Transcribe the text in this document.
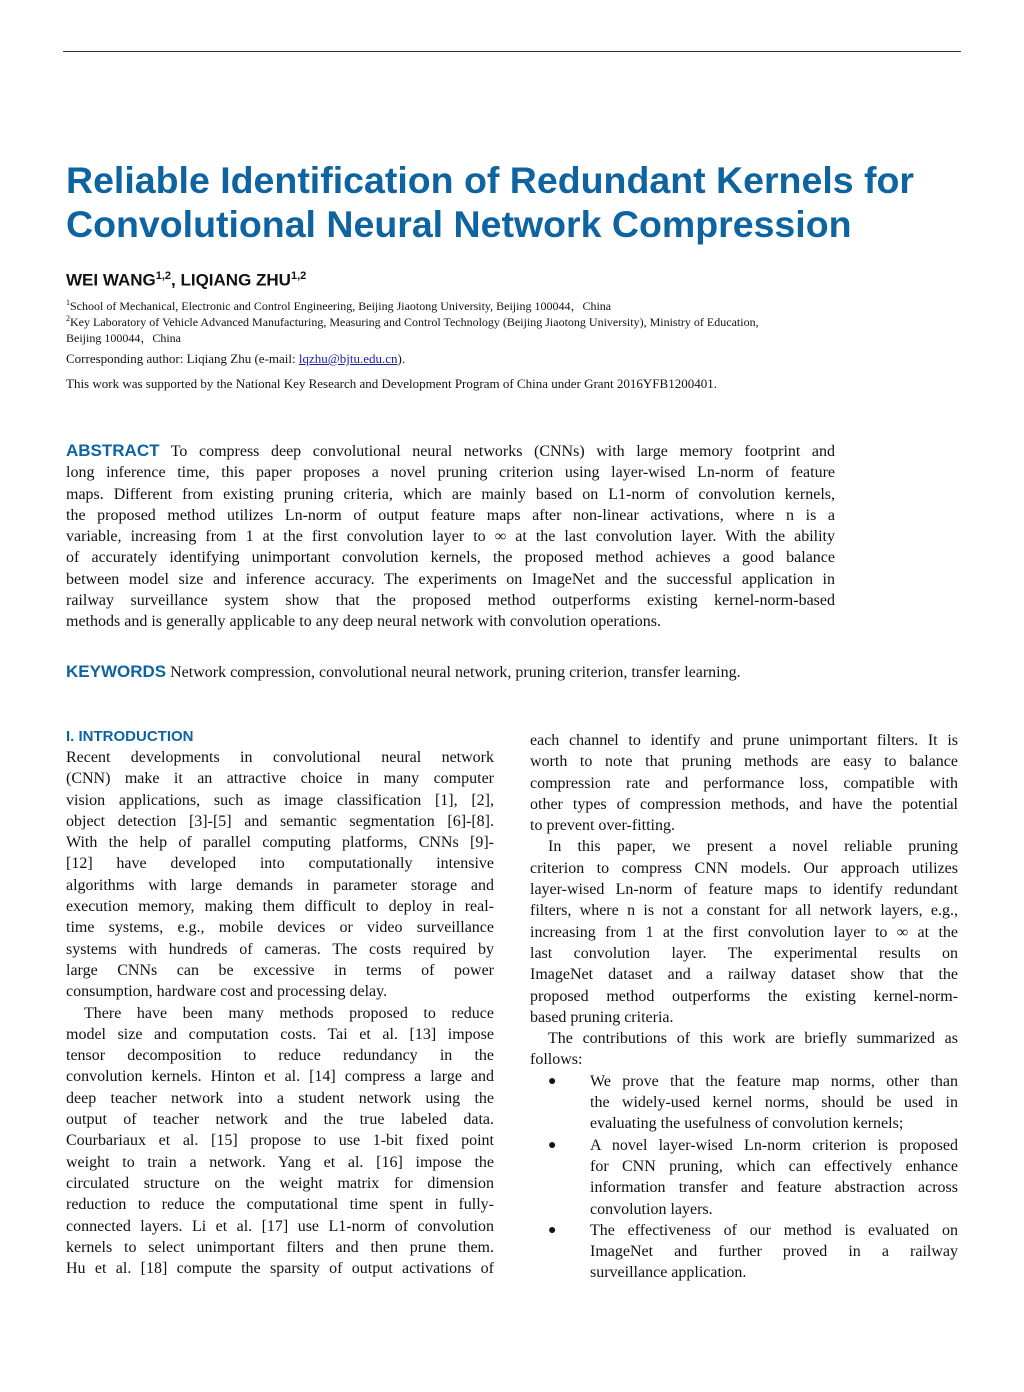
Reliable Identification of Redundant Kernels for
Convolutional Neural Network Compression
WEI WANG$^{1,2}$, LIQIANG ZHU$^{1,2}$
$^1$School of Mechanical, Electronic and Control Engineering, Beijing Jiaotong University, Beijing 100044，China
$^2$Key Laboratory of Vehicle Advanced Manufacturing, Measuring and Control Technology (Beijing Jiaotong University), Ministry of Education,
Beijing 100044，China
Corresponding author: Liqiang Zhu (e-mail: lqzhu@bjtu.edu.cn).
This work was supported by the National Key Research and Development Program of China under Grant 2016YFB1200401.
ABSTRACT To compress deep convolutional neural networks (CNNs) with large memory footprint and
long inference time, this paper proposes a novel pruning criterion using layer-wised Ln-norm of feature
maps. Different from existing pruning criteria, which are mainly based on L1-norm of convolution kernels,
the proposed method utilizes Ln-norm of output feature maps after non-linear activations, where n is a
variable, increasing from 1 at the first convolution layer to ∞ at the last convolution layer. With the ability
of accurately identifying unimportant convolution kernels, the proposed method achieves a good balance
between model size and inference accuracy. The experiments on ImageNet and the successful application in
railway surveillance system show that the proposed method outperforms existing kernel-norm-based
methods and is generally applicable to any deep neural network with convolution operations.
KEYWORDS Network compression, convolutional neural network, pruning criterion, transfer learning.
I. INTRODUCTION
Recent developments in convolutional neural network
(CNN) make it an attractive choice in many computer
vision applications, such as image classification [1], [2],
object detection [3]-[5] and semantic segmentation [6]-[8].
With the help of parallel computing platforms, CNNs [9]-
[12] have developed into computationally intensive
algorithms with large demands in parameter storage and
execution memory, making them difficult to deploy in real-
time systems, e.g., mobile devices or video surveillance
systems with hundreds of cameras. The costs required by
large CNNs can be excessive in terms of power
consumption, hardware cost and processing delay.
There have been many methods proposed to reduce
model size and computation costs. Tai et al. [13] impose
tensor decomposition to reduce redundancy in the
convolution kernels. Hinton et al. [14] compress a large and
deep teacher network into a student network using the
output of teacher network and the true labeled data.
Courbariaux et al. [15] propose to use 1-bit fixed point
weight to train a network. Yang et al. [16] impose the
circulated structure on the weight matrix for dimension
reduction to reduce the computational time spent in fully-
connected layers. Li et al. [17] use L1-norm of convolution
kernels to select unimportant filters and then prune them.
Hu et al. [18] compute the sparsity of output activations of
each channel to identify and prune unimportant filters. It is
worth to note that pruning methods are easy to balance
compression rate and performance loss, compatible with
other types of compression methods, and have the potential
to prevent over-fitting.
In this paper, we present a novel reliable pruning
criterion to compress CNN models. Our approach utilizes
layer-wised Ln-norm of feature maps to identify redundant
filters, where n is not a constant for all network layers, e.g.,
increasing from 1 at the first convolution layer to ∞ at the
last convolution layer. The experimental results on
ImageNet dataset and a railway dataset show that the
proposed method outperforms the existing kernel-norm-
based pruning criteria.
The contributions of this work are briefly summarized as
follows:
● We prove that the feature map norms, other than
the widely-used kernel norms, should be used in
evaluating the usefulness of convolution kernels;
● A novel layer-wised Ln-norm criterion is proposed
for CNN pruning, which can effectively enhance
information transfer and feature abstraction across
convolution layers.
● The effectiveness of our method is evaluated on
ImageNet and further proved in a railway
surveillance application.
